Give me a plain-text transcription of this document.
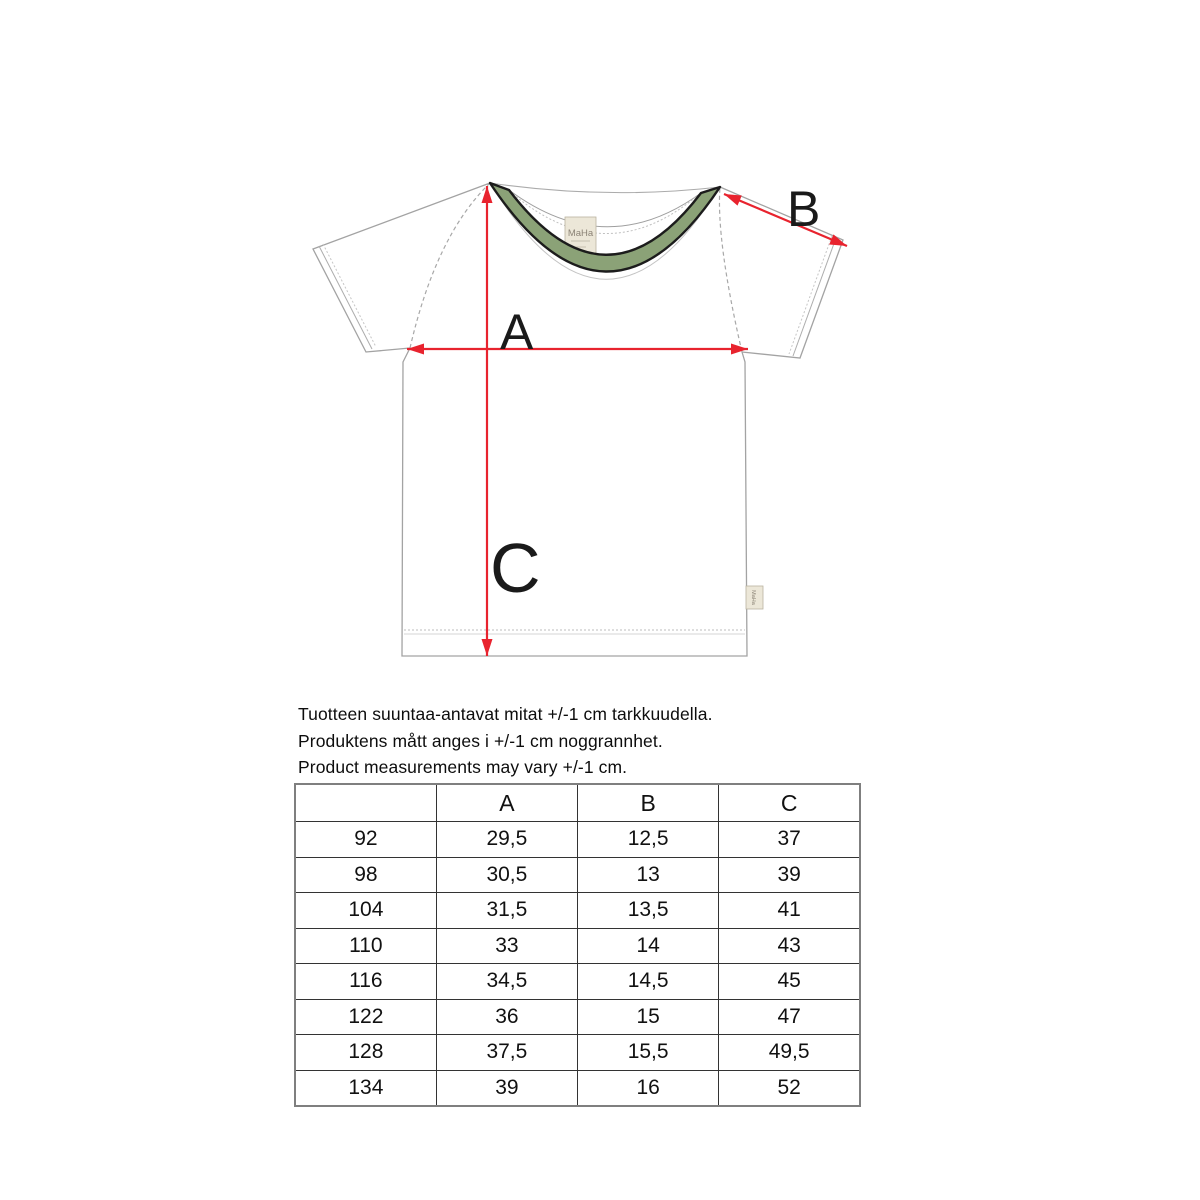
MaHa
MaHa
A
B
C
Tuotteen suuntaa-antavat mitat +/-1 cm tarkkuudella.
Produktens mått anges i +/-1 cm noggrannhet.
Product measurements may vary +/-1 cm.
	A	B	C
92	29,5	12,5	37
98	30,5	13	39
104	31,5	13,5	41
110	33	14	43
116	34,5	14,5	45
122	36	15	47
128	37,5	15,5	49,5
134	39	16	52
